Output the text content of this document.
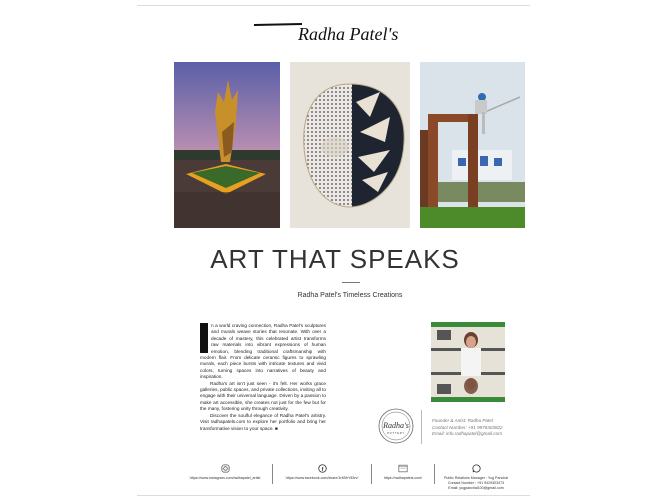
Radha Patel's
ART THAT SPEAKS
Radha Patel's Timeless Creations

n a world craving connection, Radha Patel's sculptures and murals weave stories that resonate. With over a decade of mastery, this celebrated artist transforms raw materials into vibrant expressions of human emotion, blending traditional craftsmanship with modern flair. From delicate ceramic figures to sprawling murals, each piece bursts with intricate textures and vivid colors, turning spaces into narratives of beauty and inspiration.

Radha's art isn't just seen - it's felt. Her works grace galleries, public spaces, and private collections, inviting all to engage with their universal language. Driven by a passion to make art accessible, she creates not just for the few but for the many, fostering unity through creativity.

Discover the soulful elegance of Radha Patel's artistry. Visit radhapatels.com to explore her portfolio and bring her transformative vision to your space. ■	Radha's
POTTERY
Founder & Artist: Radha Patel
Contact Number: +91 9978303822
Email: info.radhapatel@gmail.com
https://www.instagram.com/radhapatel_artist
f
https://www.facebook.com/share/1r8ShY83rv/	https://radhapatels.com/	Public Relations Manager : Yug Panchal
Contact Number : +91 9429303473
Email: yugpanchal100@gmail.com
